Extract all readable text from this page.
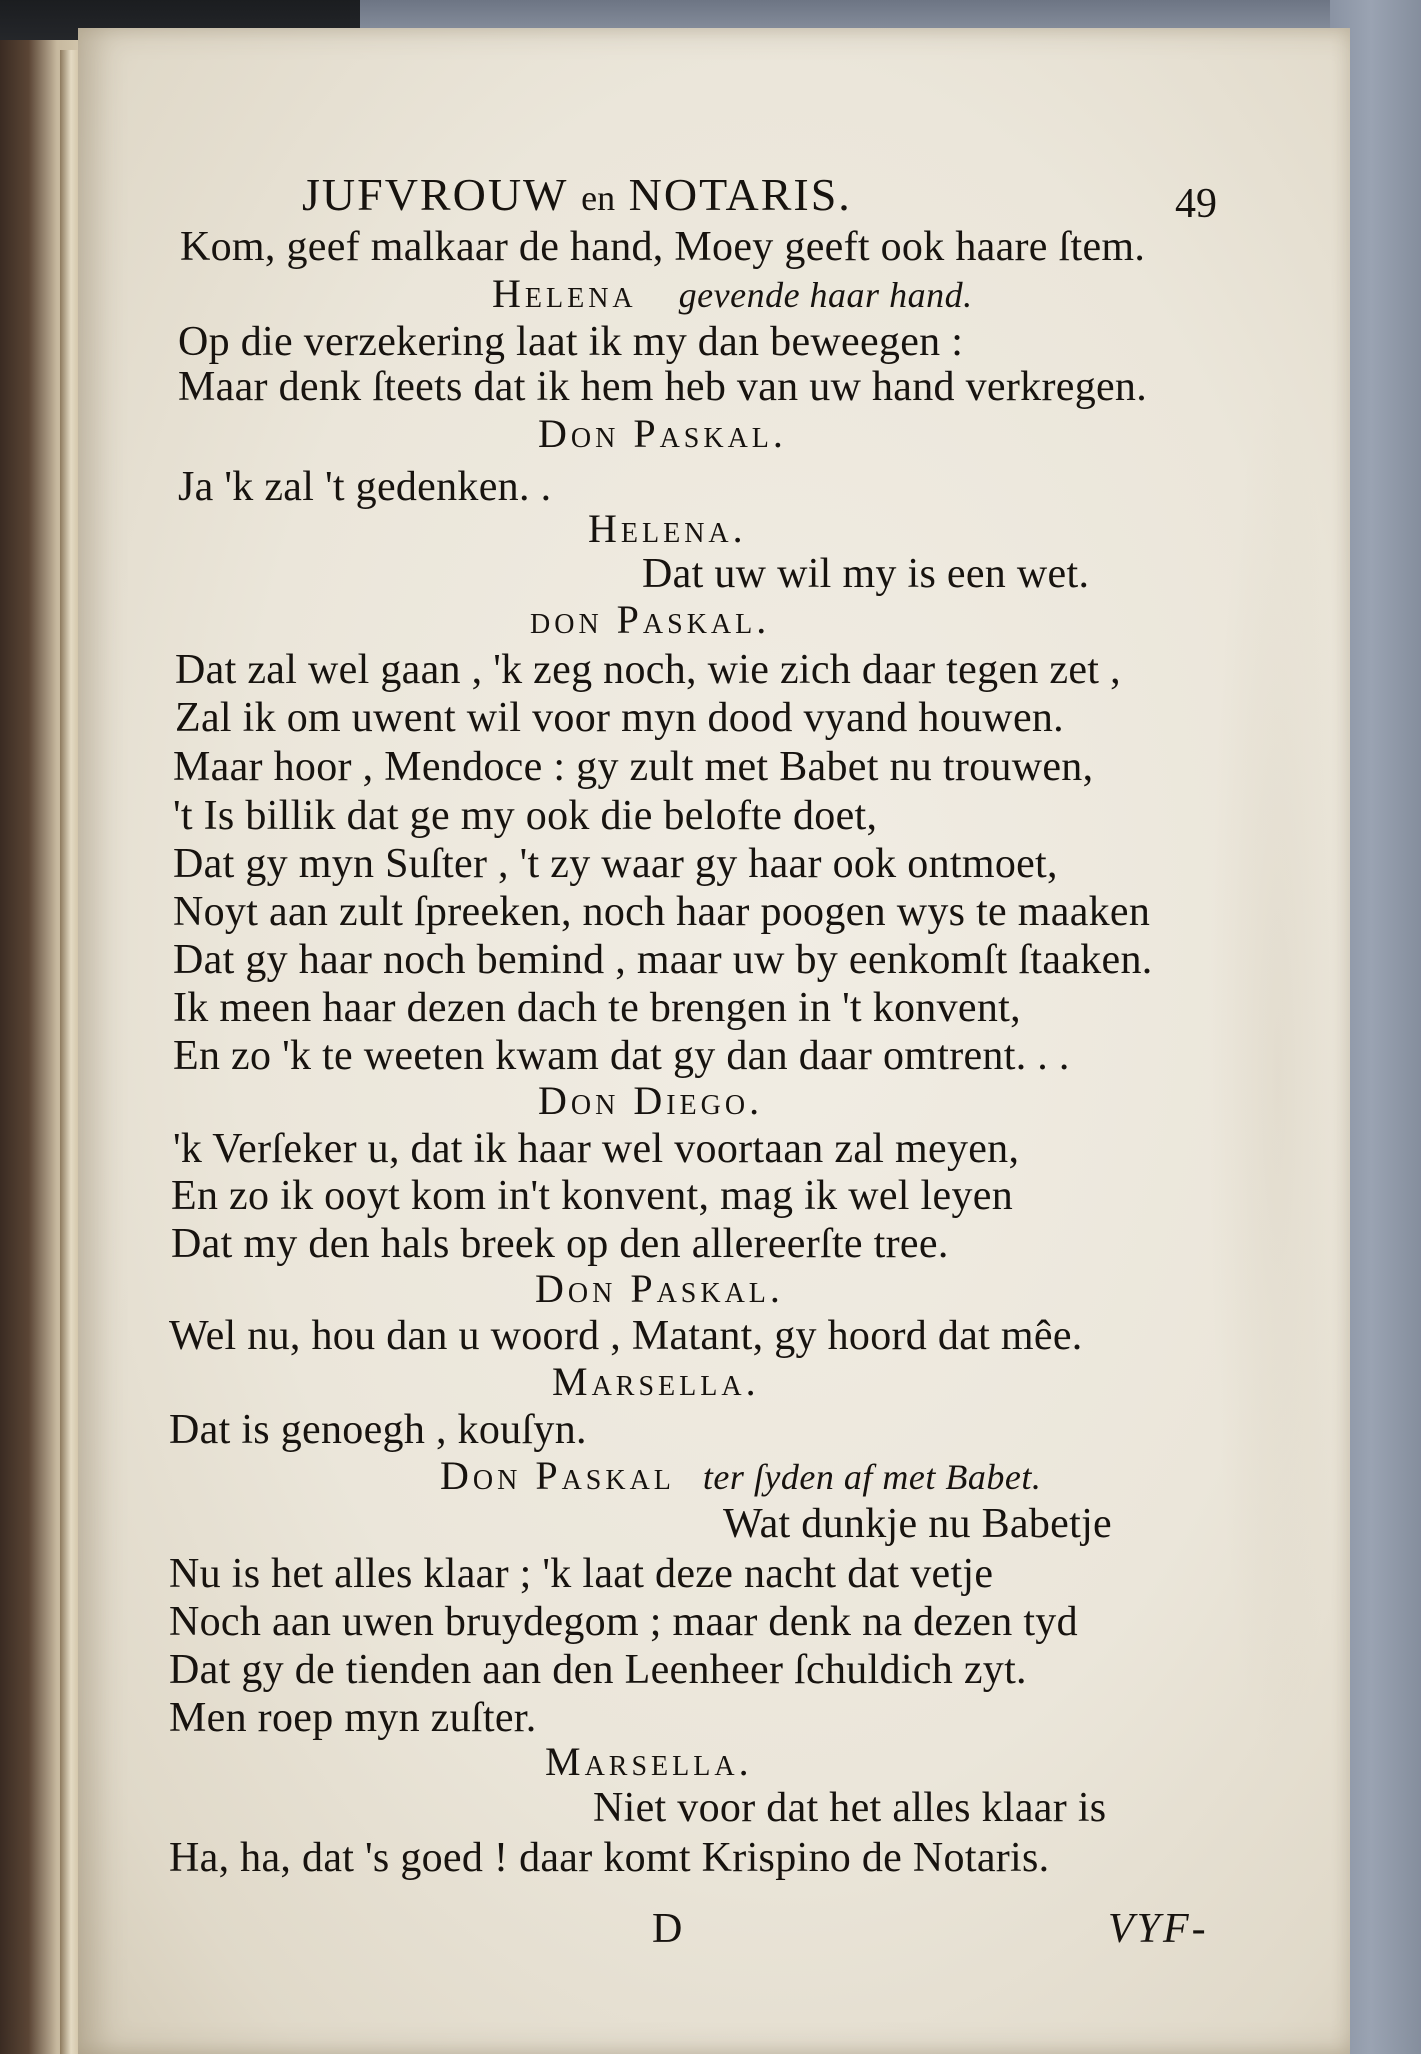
JUFVROUW en NOTARIS.	49
Kom, geef malkaar de hand, Moey geeft ook haare ſtem.
Helena gevende haar hand.
Op die verzekering laat ik my dan beweegen :
Maar denk ſteets dat ik hem heb van uw hand verkregen.
Don Paskal.
Ja 'k zal 't gedenken. .
Helena.
Dat uw wil my is een wet.
don Paskal.
Dat zal wel gaan , 'k zeg noch, wie zich daar tegen zet ,
Zal ik om uwent wil voor myn dood vyand houwen.
Maar hoor , Mendoce : gy zult met Babet nu trouwen,
't Is billik dat ge my ook die belofte doet,
Dat gy myn Suſter , 't zy waar gy haar ook ontmoet,
Noyt aan zult ſpreeken, noch haar poogen wys te maaken
Dat gy haar noch bemind , maar uw by eenkomſt ſtaaken.
Ik meen haar dezen dach te brengen in 't konvent,
En zo 'k te weeten kwam dat gy dan daar omtrent. . .
Don Diego.
'k Verſeker u, dat ik haar wel voortaan zal meyen,
En zo ik ooyt kom in't konvent, mag ik wel leyen
Dat my den hals breek op den allereerſte tree.
Don Paskal.
Wel nu, hou dan u woord , Matant, gy hoord dat mêe.
Marsella.
Dat is genoegh , kouſyn.
Don Paskal ter ſyden af met Babet.
Wat dunkje nu Babetje
Nu is het alles klaar ; 'k laat deze nacht dat vetje
Noch aan uwen bruydegom ; maar denk na dezen tyd
Dat gy de tienden aan den Leenheer ſchuldich zyt.
Men roep myn zuſter.
Marsella.
Niet voor dat het alles klaar is
Ha, ha, dat 's goed ! daar komt Krispino de Notaris.
D	VYF-
